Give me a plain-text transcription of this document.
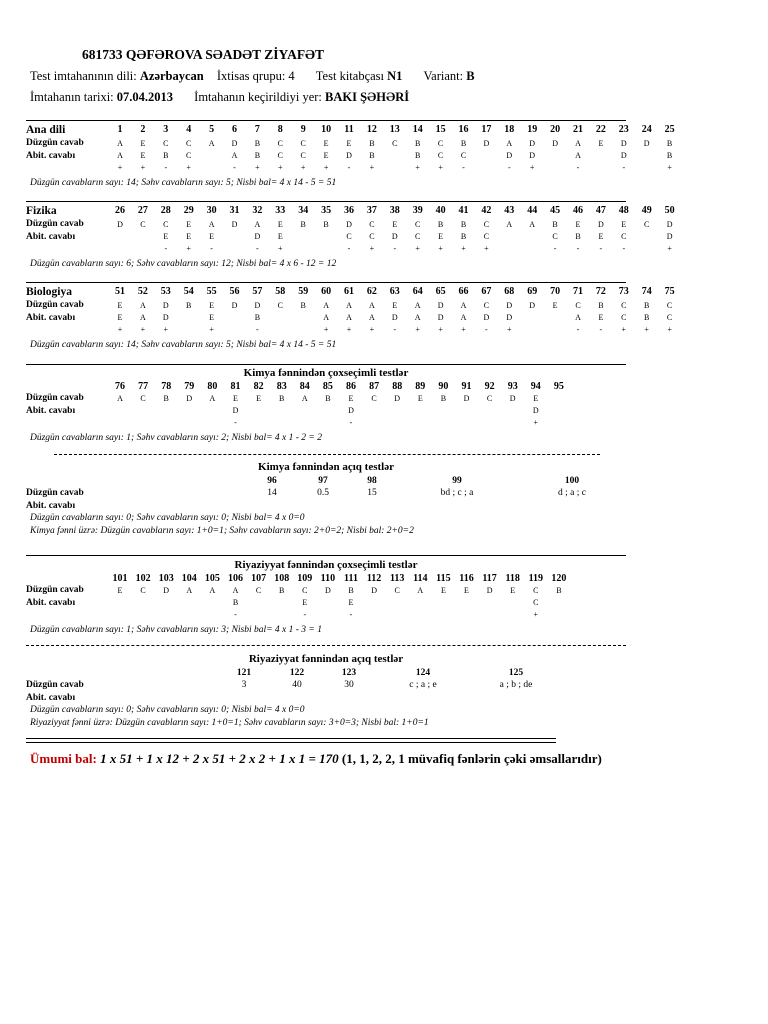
681733 QƏFƏROVA SƏADƏT ZİYAFƏT
Test imtahanının dili: Azərbaycan İxtisas qrupu: 4 Test kitabçası N1 Variant: B
İmtahanın tarixi: 07.04.2013 İmtahanın keçirildiyi yer: BAKI ŞƏHƏRİ
Ana dili
Düzgün cavab
Abit. cavabı
1
A
A
+
2
E
E
+
3
C
B
-
4
C
C
+
5
A
6
D
A
-
7
B
B
+
8
C
C
+
9
C
C
+
10
E
E
+
11
E
D
-
12
B
B
+
13
C
14
B
B
+
15
C
C
+
16
B
C
-
17
D
18
A
D
-
19
D
D
+
20
D
21
A
A
-
22
E
23
D
D
-
24
D
25
B
B
+
Düzgün cavabların sayı: 14; Səhv cavabların sayı: 5; Nisbi bal= 4 x 14 - 5 = 51
Fizika
Düzgün cavab
Abit. cavabı
26
D
27
C
28
C
E
-
29
E
E
+
30
A
E
-
31
D
32
A
D
-
33
E
E
+
34
B
35
B
36
D
C
-
37
C
C
+
38
E
D
-
39
C
C
+
40
B
E
+
41
B
B
+
42
C
C
+
43
A
44
A
45
B
C
-
46
E
B
-
47
D
E
-
48
E
C
-
49
C
50
D
D
+
Düzgün cavabların sayı: 6; Səhv cavabların sayı: 12; Nisbi bal= 4 x 6 - 12 = 12
Biologiya
Düzgün cavab
Abit. cavabı
51
E
E
+
52
A
A
+
53
D
D
+
54
B
55
E
E
+
56
D
57
D
B
-
58
C
59
B
60
A
A
+
61
A
A
+
62
A
A
+
63
E
D
-
64
A
A
+
65
D
D
+
66
A
A
+
67
C
D
-
68
D
D
+
69
D
70
E
71
C
A
-
72
B
E
-
73
C
C
+
74
B
B
+
75
C
C
+
Düzgün cavabların sayı: 14; Səhv cavabların sayı: 5; Nisbi bal= 4 x 14 - 5 = 51
Düzgün cavab
Abit. cavabı
76
A
77
C
78
B
79
D
80
A
81
E
D
-
82
E
83
B
84
A
85
B
86
E
D
-
87
C
88
D
89
E
90
B
91
D
92
C
93
D
94
E
D
+
95
Düzgün cavabların sayı: 1; Səhv cavabların sayı: 2; Nisbi bal= 4 x 1 - 2 = 2
Düzgün cavab
Abit. cavabı
101
E
102
C
103
D
104
A
105
A
106
A
B
-
107
C
108
B
109
C
E
-
110
D
111
B
E
-
112
D
113
C
114
A
115
E
116
E
117
D
118
E
119
C
C
+
120
B
Düzgün cavabların sayı: 1; Səhv cavabların sayı: 3; Nisbi bal= 4 x 1 - 3 = 1
Düzgün cavab
Abit. cavabı
96
14
97
0.5
98
15
99
bd ; c ; a
100
d ; a ; c
Düzgün cavabların sayı: 0; Səhv cavabların sayı: 0; Nisbi bal= 4 x 0=0
Kimya fənni üzrə: Düzgün cavabların sayı: 1+0=1; Səhv cavabların sayı: 2+0=2; Nisbi bal: 2+0=2
Düzgün cavab
Abit. cavabı
121
3
122
40
123
30
124
c ; a ; e
125
a ; b ; de
Düzgün cavabların sayı: 0; Səhv cavabların sayı: 0; Nisbi bal= 4 x 0=0
Riyaziyyat fənni üzrə: Düzgün cavabların sayı: 1+0=1; Səhv cavabların sayı: 3+0=3; Nisbi bal: 1+0=1
Kimya fənnindən çoxseçimli testlər
Kimya fənnindən açıq testlər
Riyaziyyat fənnindən çoxseçimli testlər
Riyaziyyat fənnindən açıq testlər
Ümumi bal: 1 x 51 + 1 x 12 + 2 x 51 + 2 x 2 + 1 x 1 = 170 (1, 1, 2, 2, 1 müvafiq fənlərin çəki əmsallarıdır)
